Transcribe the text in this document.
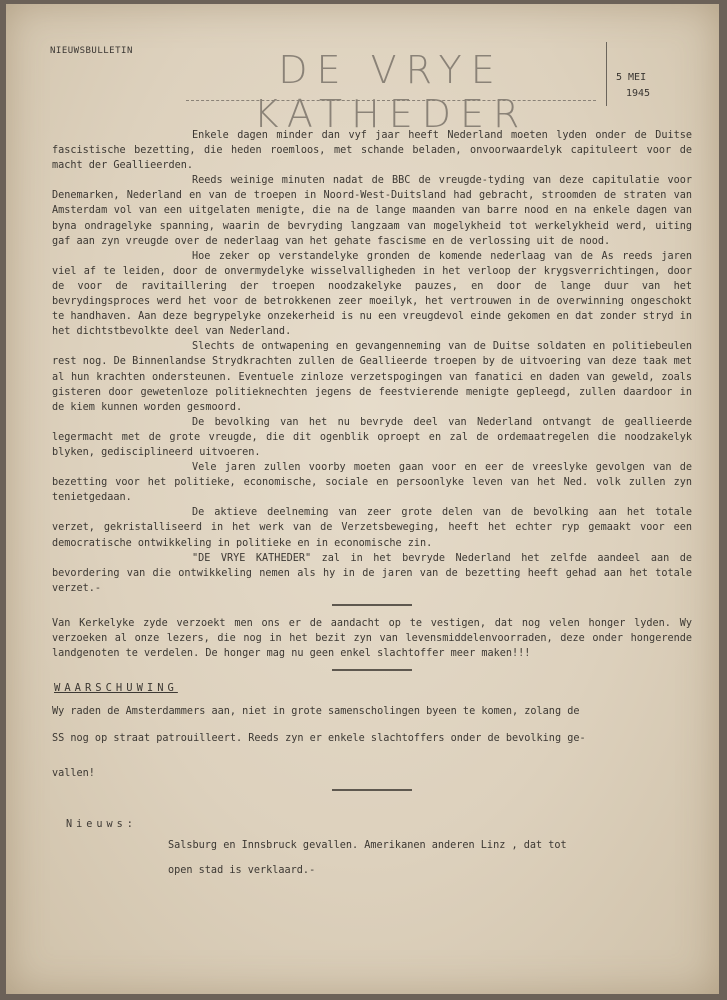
NIEUWSBULLETIN	DE VRYE KATHEDER
5 MEI
1945

Enkele dagen minder dan vyf jaar heeft Nederland moeten lyden onder de Duitse fascistische bezetting, die heden roemloos, met schande beladen, onvoorwaardelyk capituleert voor de macht der Geallieerden.

Reeds weinige minuten nadat de BBC de vreugde-tyding van deze capitulatie voor Denemarken, Nederland en van de troepen in Noord-West-Duitsland had gebracht, stroomden de straten van Amsterdam vol van een uitgelaten menigte, die na de lange maanden van barre nood en na enkele dagen van byna ondragelyke spanning, waarin de bevryding langzaam van mogelykheid tot werkelykheid werd, uiting gaf aan zyn vreugde over de nederlaag van het gehate fascisme en de verlossing uit de nood.

Hoe zeker op verstandelyke gronden de komende nederlaag van de As reeds jaren viel af te leiden, door de onvermydelyke wisselvalligheden in het verloop der krygsverrichtingen, door de voor de ravitaillering der troepen noodzakelyke pauzes, en door de lange duur van het bevrydingsproces werd het voor de betrokkenen zeer moeilyk, het vertrouwen in de overwinning ongeschokt te handhaven. Aan deze begrypelyke onzekerheid is nu een vreugdevol einde gekomen en dat zonder stryd in het dichtstbevolkte deel van Nederland.

Slechts de ontwapening en gevangenneming van de Duitse soldaten en politiebeulen rest nog. De Binnenlandse Strydkrachten zullen de Geallieerde troepen by de uitvoering van deze taak met al hun krachten ondersteunen. Eventuele zinloze verzetspogingen van fanatici en daden van geweld, zoals gisteren door gewetenloze politieknechten jegens de feestvierende menigte gepleegd, zullen daardoor in de kiem kunnen worden gesmoord.

De bevolking van het nu bevryde deel van Nederland ontvangt de geallieerde legermacht met de grote vreugde, die dit ogenblik oproept en zal de ordemaatregelen die noodzakelyk blyken, gedisciplineerd uitvoeren.

Vele jaren zullen voorby moeten gaan voor en eer de vreeslyke gevolgen van de bezetting voor het politieke, economische, sociale en persoonlyke leven van het Ned. volk zullen zyn tenietgedaan.

De aktieve deelneming van zeer grote delen van de bevolking aan het totale verzet, gekristalliseerd in het werk van de Verzetsbeweging, heeft het echter ryp gemaakt voor een democratische ontwikkeling in politieke en in economische zin.

"DE VRYE KATHEDER" zal in het bevryde Nederland het zelfde aandeel aan de bevordering van die ontwikkeling nemen als hy in de jaren van de bezetting heeft gehad aan het totale verzet.-

Van Kerkelyke zyde verzoekt men ons er de aandacht op te vestigen, dat nog velen honger lyden. Wy verzoeken al onze lezers, die nog in het bezit zyn van levensmiddelenvoorraden, deze onder hongerende landgenoten te verdelen. De honger mag nu geen enkel slachtoffer meer maken!!!

WAARSCHUWING

Wy raden de Amsterdammers aan, niet in grote samenscholingen byeen te komen, zolang de

SS nog op straat patrouilleert. Reeds zyn er enkele slachtoffers onder de bevolking ge-

vallen!

Nieuws:

Salsburg en Innsbruck gevallen. Amerikanen anderen Linz , dat tot

open stad is verklaard.-
